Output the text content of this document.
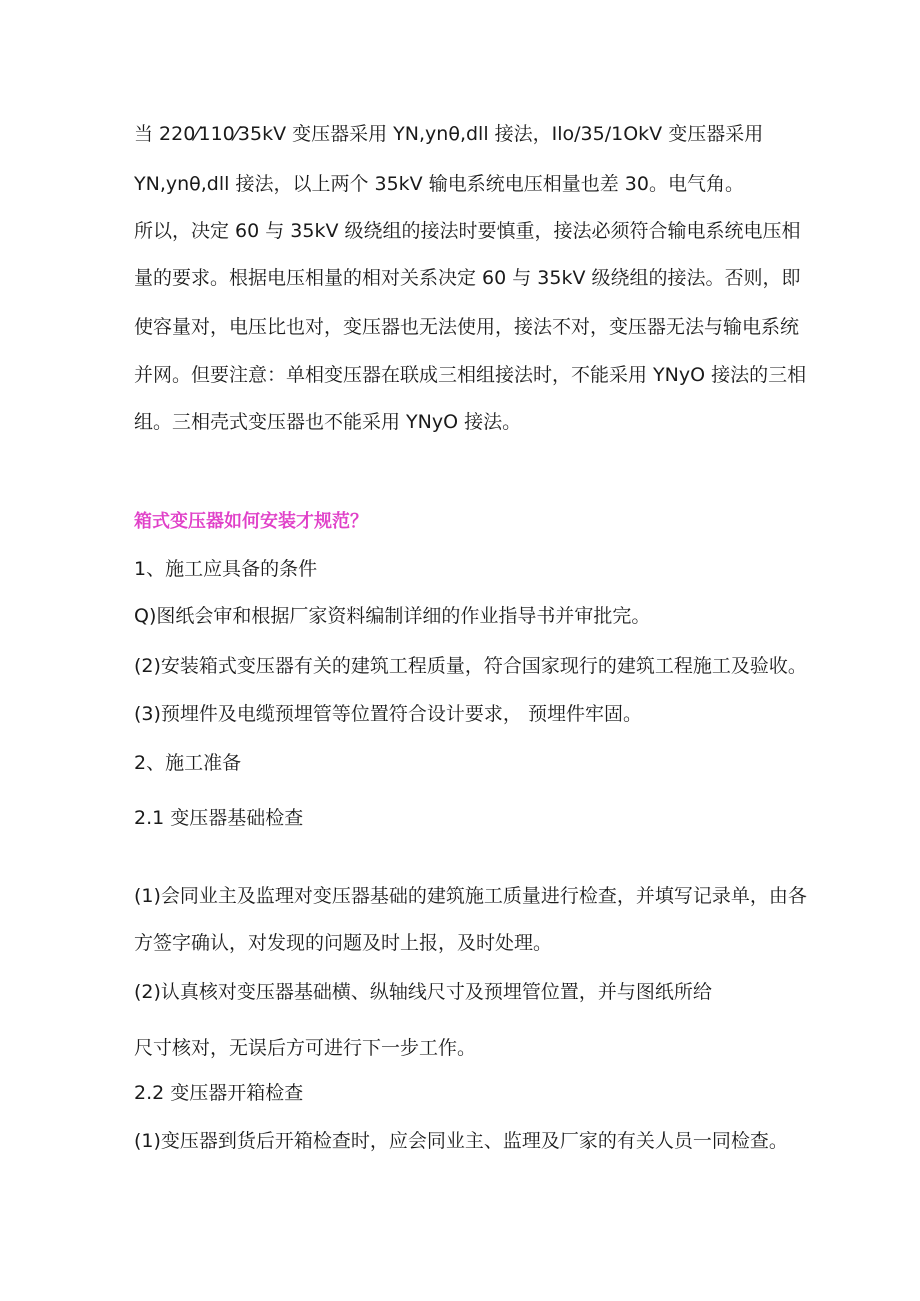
当 220⁄110⁄35kV 变压器采用 YN,ynθ,dll 接法，Ilo/35/1OkV 变压器采用
YN,ynθ,dll 接法，以上两个 35kV 输电系统电压相量也差 30。电气角。
所以，决定 60 与 35kV 级绕组的接法时要慎重，接法必须符合输电系统电压相
量的要求。根据电压相量的相对关系决定 60 与 35kV 级绕组的接法。否则，即
使容量对，电压比也对，变压器也无法使用，接法不对，变压器无法与输电系统
并网。但要注意：单相变压器在联成三相组接法时，不能采用 YNyO 接法的三相
组。三相壳式变压器也不能采用 YNyO 接法。
箱式变压器如何安装才规范？
1、施工应具备的条件
Q)图纸会审和根据厂家资料编制详细的作业指导书并审批完。
(2)安装箱式变压器有关的建筑工程质量，符合国家现行的建筑工程施工及验收。
(3)预埋件及电缆预埋管等位置符合设计要求， 预埋件牢固。
2、施工准备
2.1 变压器基础检查
(1)会同业主及监理对变压器基础的建筑施工质量进行检查，并填写记录单，由各
方签字确认，对发现的问题及时上报，及时处理。
(2)认真核对变压器基础横、纵轴线尺寸及预埋管位置，并与图纸所给
尺寸核对，无误后方可进行下一步工作。
2.2 变压器开箱检查
(1)变压器到货后开箱检查时，应会同业主、监理及厂家的有关人员一同检查。
